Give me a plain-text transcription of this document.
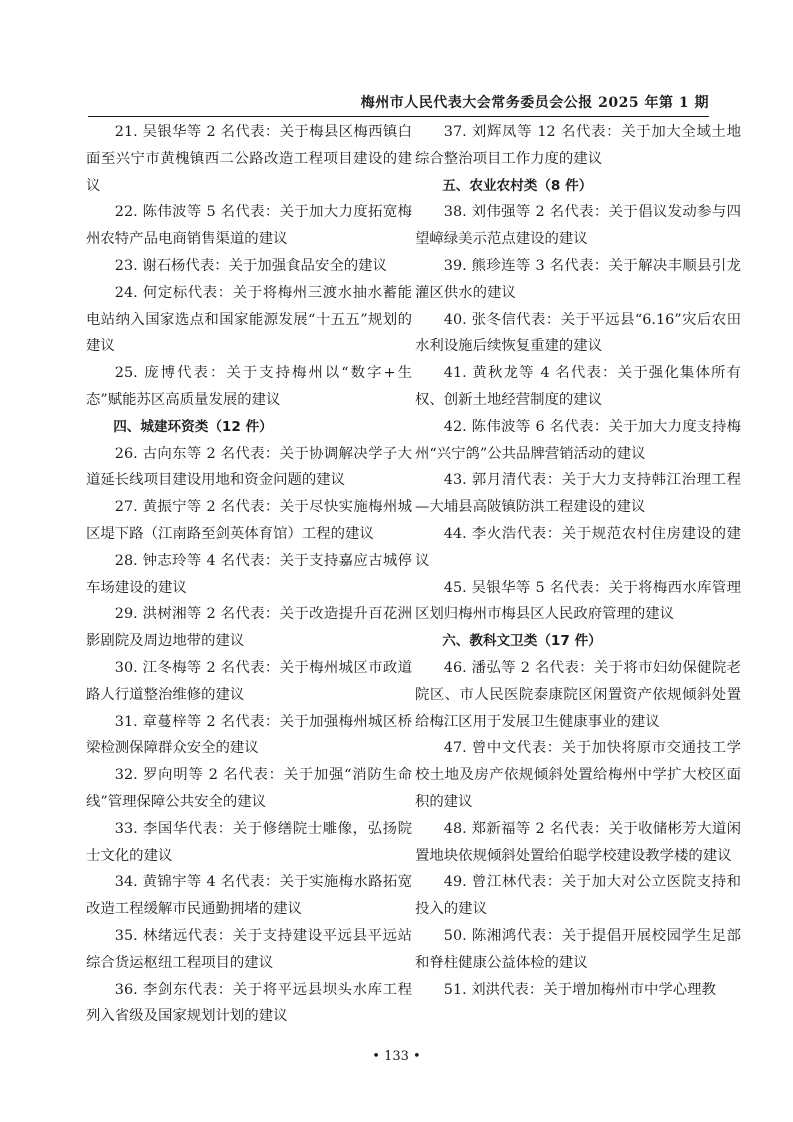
梅州市人民代表大会常务委员会公报 2025 年第 1 期

21. 吴银华等 2 名代表：关于梅县区梅西镇白面至兴宁市黄槐镇西二公路改造工程项目建设的建议

22. 陈伟波等 5 名代表：关于加大力度拓宽梅州农特产品电商销售渠道的建议

23. 谢石杨代表：关于加强食品安全的建议

24. 何定标代表：关于将梅州三渡水抽水蓄能电站纳入国家选点和国家能源发展“十五五”规划的建议

25. 庞博代表：关于支持梅州以“数字+生态”赋能苏区高质量发展的建议

四、城建环资类（12 件）

26. 古向东等 2 名代表：关于协调解决学子大道延长线项目建设用地和资金问题的建议

27. 黄振宁等 2 名代表：关于尽快实施梅州城区堤下路（江南路至剑英体育馆）工程的建议

28. 钟志玲等 4 名代表：关于支持嘉应古城停车场建设的建议

29. 洪树湘等 2 名代表：关于改造提升百花洲影剧院及周边地带的建议

30. 江冬梅等 2 名代表：关于梅州城区市政道路人行道整治维修的建议

31. 章蔓梓等 2 名代表：关于加强梅州城区桥梁检测保障群众安全的建议

32. 罗向明等 2 名代表：关于加强“消防生命线”管理保障公共安全的建议

33. 李国华代表：关于修缮院士雕像，弘扬院士文化的建议

34. 黄锦宇等 4 名代表：关于实施梅水路拓宽改造工程缓解市民通勤拥堵的建议

35. 林绪远代表：关于支持建设平远县平远站综合货运枢纽工程项目的建议

36. 李剑东代表：关于将平远县坝头水库工程列入省级及国家规划计划的建议

37. 刘辉凤等 12 名代表：关于加大全域土地综合整治项目工作力度的建议

五、农业农村类（8 件）

38. 刘伟强等 2 名代表：关于倡议发动参与四望嶂绿美示范点建设的建议

39. 熊珍连等 3 名代表：关于解决丰顺县引龙灌区供水的建议

40. 张冬信代表：关于平远县“6.16”灾后农田水利设施后续恢复重建的建议

41. 黄秋龙等 4 名代表：关于强化集体所有权、创新土地经营制度的建议

42. 陈伟波等 6 名代表：关于加大力度支持梅州“兴宁鸽”公共品牌营销活动的建议

43. 郭月清代表：关于大力支持韩江治理工程—大埔县高陂镇防洪工程建设的建议

44. 李火浩代表：关于规范农村住房建设的建议

45. 吴银华等 5 名代表：关于将梅西水库管理区划归梅州市梅县区人民政府管理的建议

六、教科文卫类（17 件）

46. 潘弘等 2 名代表：关于将市妇幼保健院老院区、市人民医院泰康院区闲置资产依规倾斜处置给梅江区用于发展卫生健康事业的建议

47. 曾中文代表：关于加快将原市交通技工学校土地及房产依规倾斜处置给梅州中学扩大校区面积的建议

48. 郑新福等 2 名代表：关于收储彬芳大道闲置地块依规倾斜处置给伯聪学校建设教学楼的建议

49. 曾江林代表：关于加大对公立医院支持和投入的建议

50. 陈湘鸿代表：关于提倡开展校园学生足部和脊柱健康公益体检的建议

51. 刘洪代表：关于增加梅州市中学心理教

• 133 •
